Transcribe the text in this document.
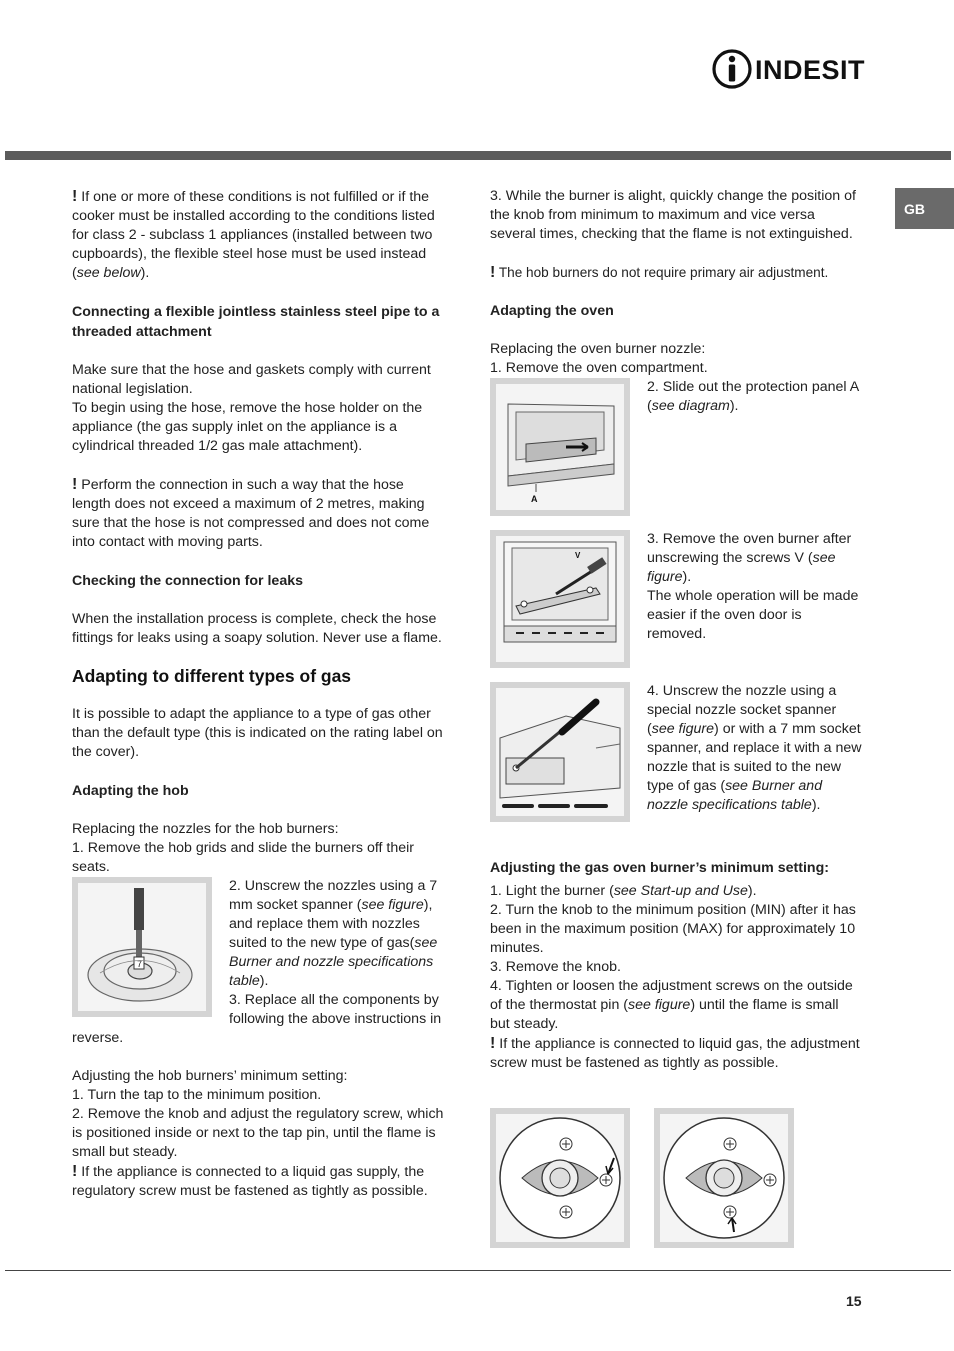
INDESIT
GB

! If one or more of these conditions is not fulfilled or if the cooker must be installed according to the conditions listed for class 2 - subclass 1 appliances (installed between two cupboards), the flexible steel hose must be used instead (see below).

Connecting a flexible jointless stainless steel pipe to a threaded attachment

Make sure that the hose and gaskets comply with current national legislation.

To begin using the hose, remove the hose holder on the appliance (the gas supply inlet on the appliance is a cylindrical threaded 1/2 gas male attachment).

! Perform the connection in such a way that the hose length does not exceed a maximum of 2 metres, making sure that the hose is not compressed and does not come into contact with moving parts.

Checking the connection for leaks

When the installation process is complete, check the hose fittings for leaks using a soapy solution. Never use a flame.

Adapting to different types of gas

It is possible to adapt the appliance to a type of gas other than the default type (this is indicated on the rating label on the cover).

Adapting the hob

Replacing the nozzles for the hob burners:

1. Remove the hob grids and slide the burners off their seats.

7

2. Unscrew the nozzles using a 7 mm socket spanner (see figure), and replace them with nozzles suited to the new type of gas(see Burner and nozzle specifications table).

3. Replace all the components by following the above instructions in reverse.

Adjusting the hob burners’ minimum setting:

1. Turn the tap to the minimum position.

2. Remove the knob and adjust the regulatory screw, which is positioned inside or next to the tap pin, until the flame is small but steady.

! If the appliance is connected to a liquid gas supply, the regulatory screw must be fastened as tightly as possible.

3. While the burner is alight, quickly change the position of the knob from minimum to maximum and vice versa several times, checking that the flame is not extinguished.

! The hob burners do not require primary air adjustment.

Adapting the oven

Replacing the oven burner nozzle:

1. Remove the oven compartment.

A

2. Slide out the protection panel A (see diagram).

V

3. Remove the oven burner after unscrewing the screws V (see figure).

The whole operation will be made easier if the oven door is removed.

4. Unscrew the nozzle using a special nozzle socket spanner (see figure) or with a 7 mm socket spanner, and replace it with a new nozzle that is suited to the new type of gas (see Burner and nozzle specifications table).

Adjusting the gas oven burner’s minimum setting:

1. Light the burner (see Start-up and Use).

2. Turn the knob to the minimum position (MIN) after it has been in the maximum position (MAX) for approximately 10 minutes.

3. Remove the knob.

4. Tighten or loosen the adjustment screws on the outside of the thermostat pin (see figure) until the flame is small but steady.

! If the appliance is connected to liquid gas, the adjustment screw must be fastened as tightly as possible.

15
